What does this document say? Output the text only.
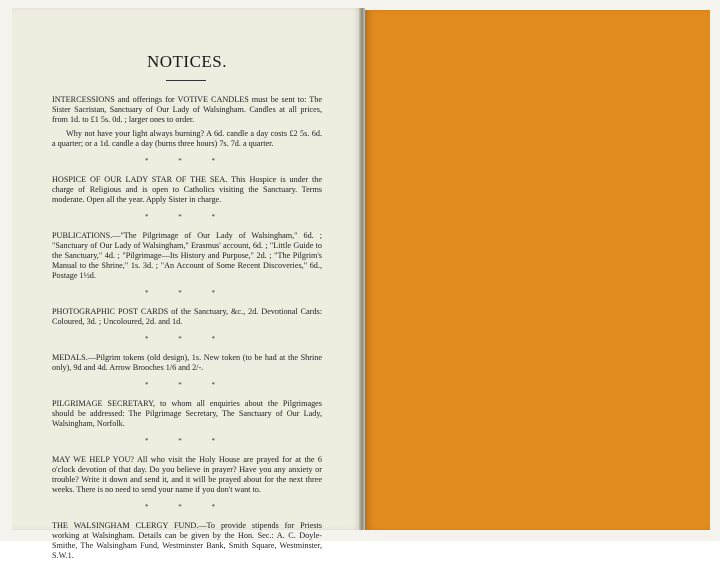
NOTICES.

INTERCESSIONS and offerings for VOTIVE CANDLES must be sent to: The Sister Sacristan, Sanctuary of Our Lady of Walsingham. Candles at all prices, from 1d. to £1 5s. 0d. ; larger ones to order.

Why not have your light always burning? A 6d. candle a day costs £2 5s. 6d. a quarter; or a 1d. candle a day (burns three hours) 7s. 7d. a quarter.

* * *

HOSPICE OF OUR LADY STAR OF THE SEA. This Hospice is under the charge of Religious and is open to Catholics visiting the Sanctuary. Terms moderate. Open all the year. Apply Sister in charge.

* * *

PUBLICATIONS.—"The Pilgrimage of Our Lady of Walsingham," 6d. ; "Sanctuary of Our Lady of Walsingham," Erasmus' account, 6d. ; "Little Guide to the Sanctuary," 4d. ; "Pilgrimage—Its History and Purpose," 2d. ; "The Pilgrim's Manual to the Shrine," 1s. 3d. ; "An Account of Some Recent Discoveries," 6d., Postage 1½d.

* * *

PHOTOGRAPHIC POST CARDS of the Sanctuary, &c., 2d. Devotional Cards: Coloured, 3d. ; Uncoloured, 2d. and 1d.

* * *

MEDALS.—Pilgrim tokens (old design), 1s. New token (to be had at the Shrine only), 9d and 4d. Arrow Brooches 1/6 and 2/-.

* * *

PILGRIMAGE SECRETARY, to whom all enquiries about the Pilgrimages should be addressed: The Pilgrimage Secretary, The Sanctuary of Our Lady, Walsingham, Norfolk.

* * *

MAY WE HELP YOU? All who visit the Holy House are prayed for at the 6 o'clock devotion of that day. Do you believe in prayer? Have you any anxiety or trouble? Write it down and send it, and it will be prayed about for the next three weeks. There is no need to send your name if you don't want to.

* * *

THE WALSINGHAM CLERGY FUND.—To provide stipends for Priests working at Walsingham. Details can be given by the Hon. Sec.: A. C. Doyle-Smithe, The Walsingham Fund, Westminster Bank, Smith Square, Westminster, S.W.1.
